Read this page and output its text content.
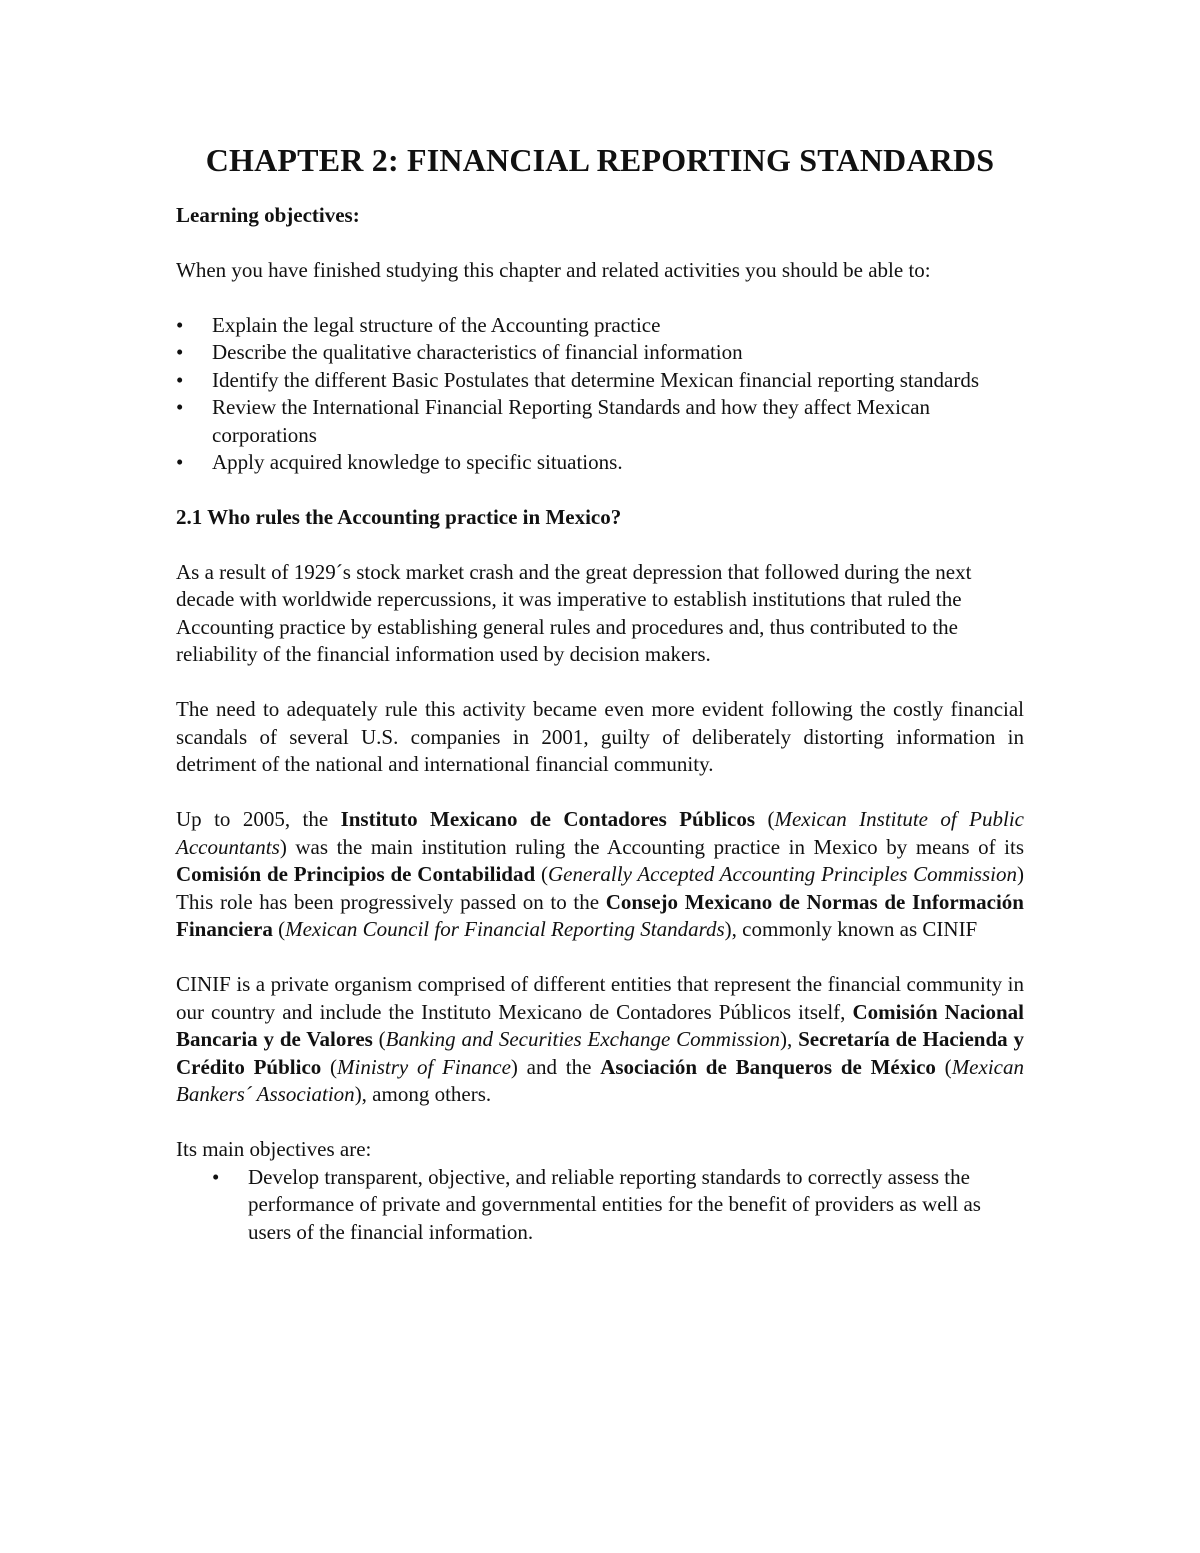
CHAPTER 2: FINANCIAL REPORTING STANDARDS
Learning objectives:

When you have finished studying this chapter and related activities you should be able to:

•	Explain the legal structure of the Accounting practice
•	Describe the qualitative characteristics of financial information
•	Identify the different Basic Postulates that determine Mexican financial reporting standards
•	Review the International Financial Reporting Standards and how they affect Mexican corporations
•	Apply acquired knowledge to specific situations.
2.1 Who rules the Accounting practice in Mexico?

As a result of 1929´s stock market crash and the great depression that followed during the next decade with worldwide repercussions, it was imperative to establish institutions that ruled the Accounting practice by establishing general rules and procedures and, thus contributed to the reliability of the financial information used by decision makers.

The need to adequately rule this activity became even more evident following the costly financial scandals of several U.S. companies in 2001, guilty of deliberately distorting information in detriment of the national and international financial community.

Up to 2005, the Instituto Mexicano de Contadores Públicos (Mexican Institute of Public Accountants) was the main institution ruling the Accounting practice in Mexico by means of its Comisión de Principios de Contabilidad (Generally Accepted Accounting Principles Commission) This role has been progressively passed on to the Consejo Mexicano de Normas de Información Financiera (Mexican Council for Financial Reporting Standards), commonly known as CINIF

CINIF is a private organism comprised of different entities that represent the financial community in our country and include the Instituto Mexicano de Contadores Públicos itself, Comisión Nacional Bancaria y de Valores (Banking and Securities Exchange Commission), Secretaría de Hacienda y Crédito Público (Ministry of Finance) and the Asociación de Banqueros de México (Mexican Bankers´ Association), among others.

Its main objectives are:

•	Develop transparent, objective, and reliable reporting standards to correctly assess the performance of private and governmental entities for the benefit of providers as well as users of the financial information.
